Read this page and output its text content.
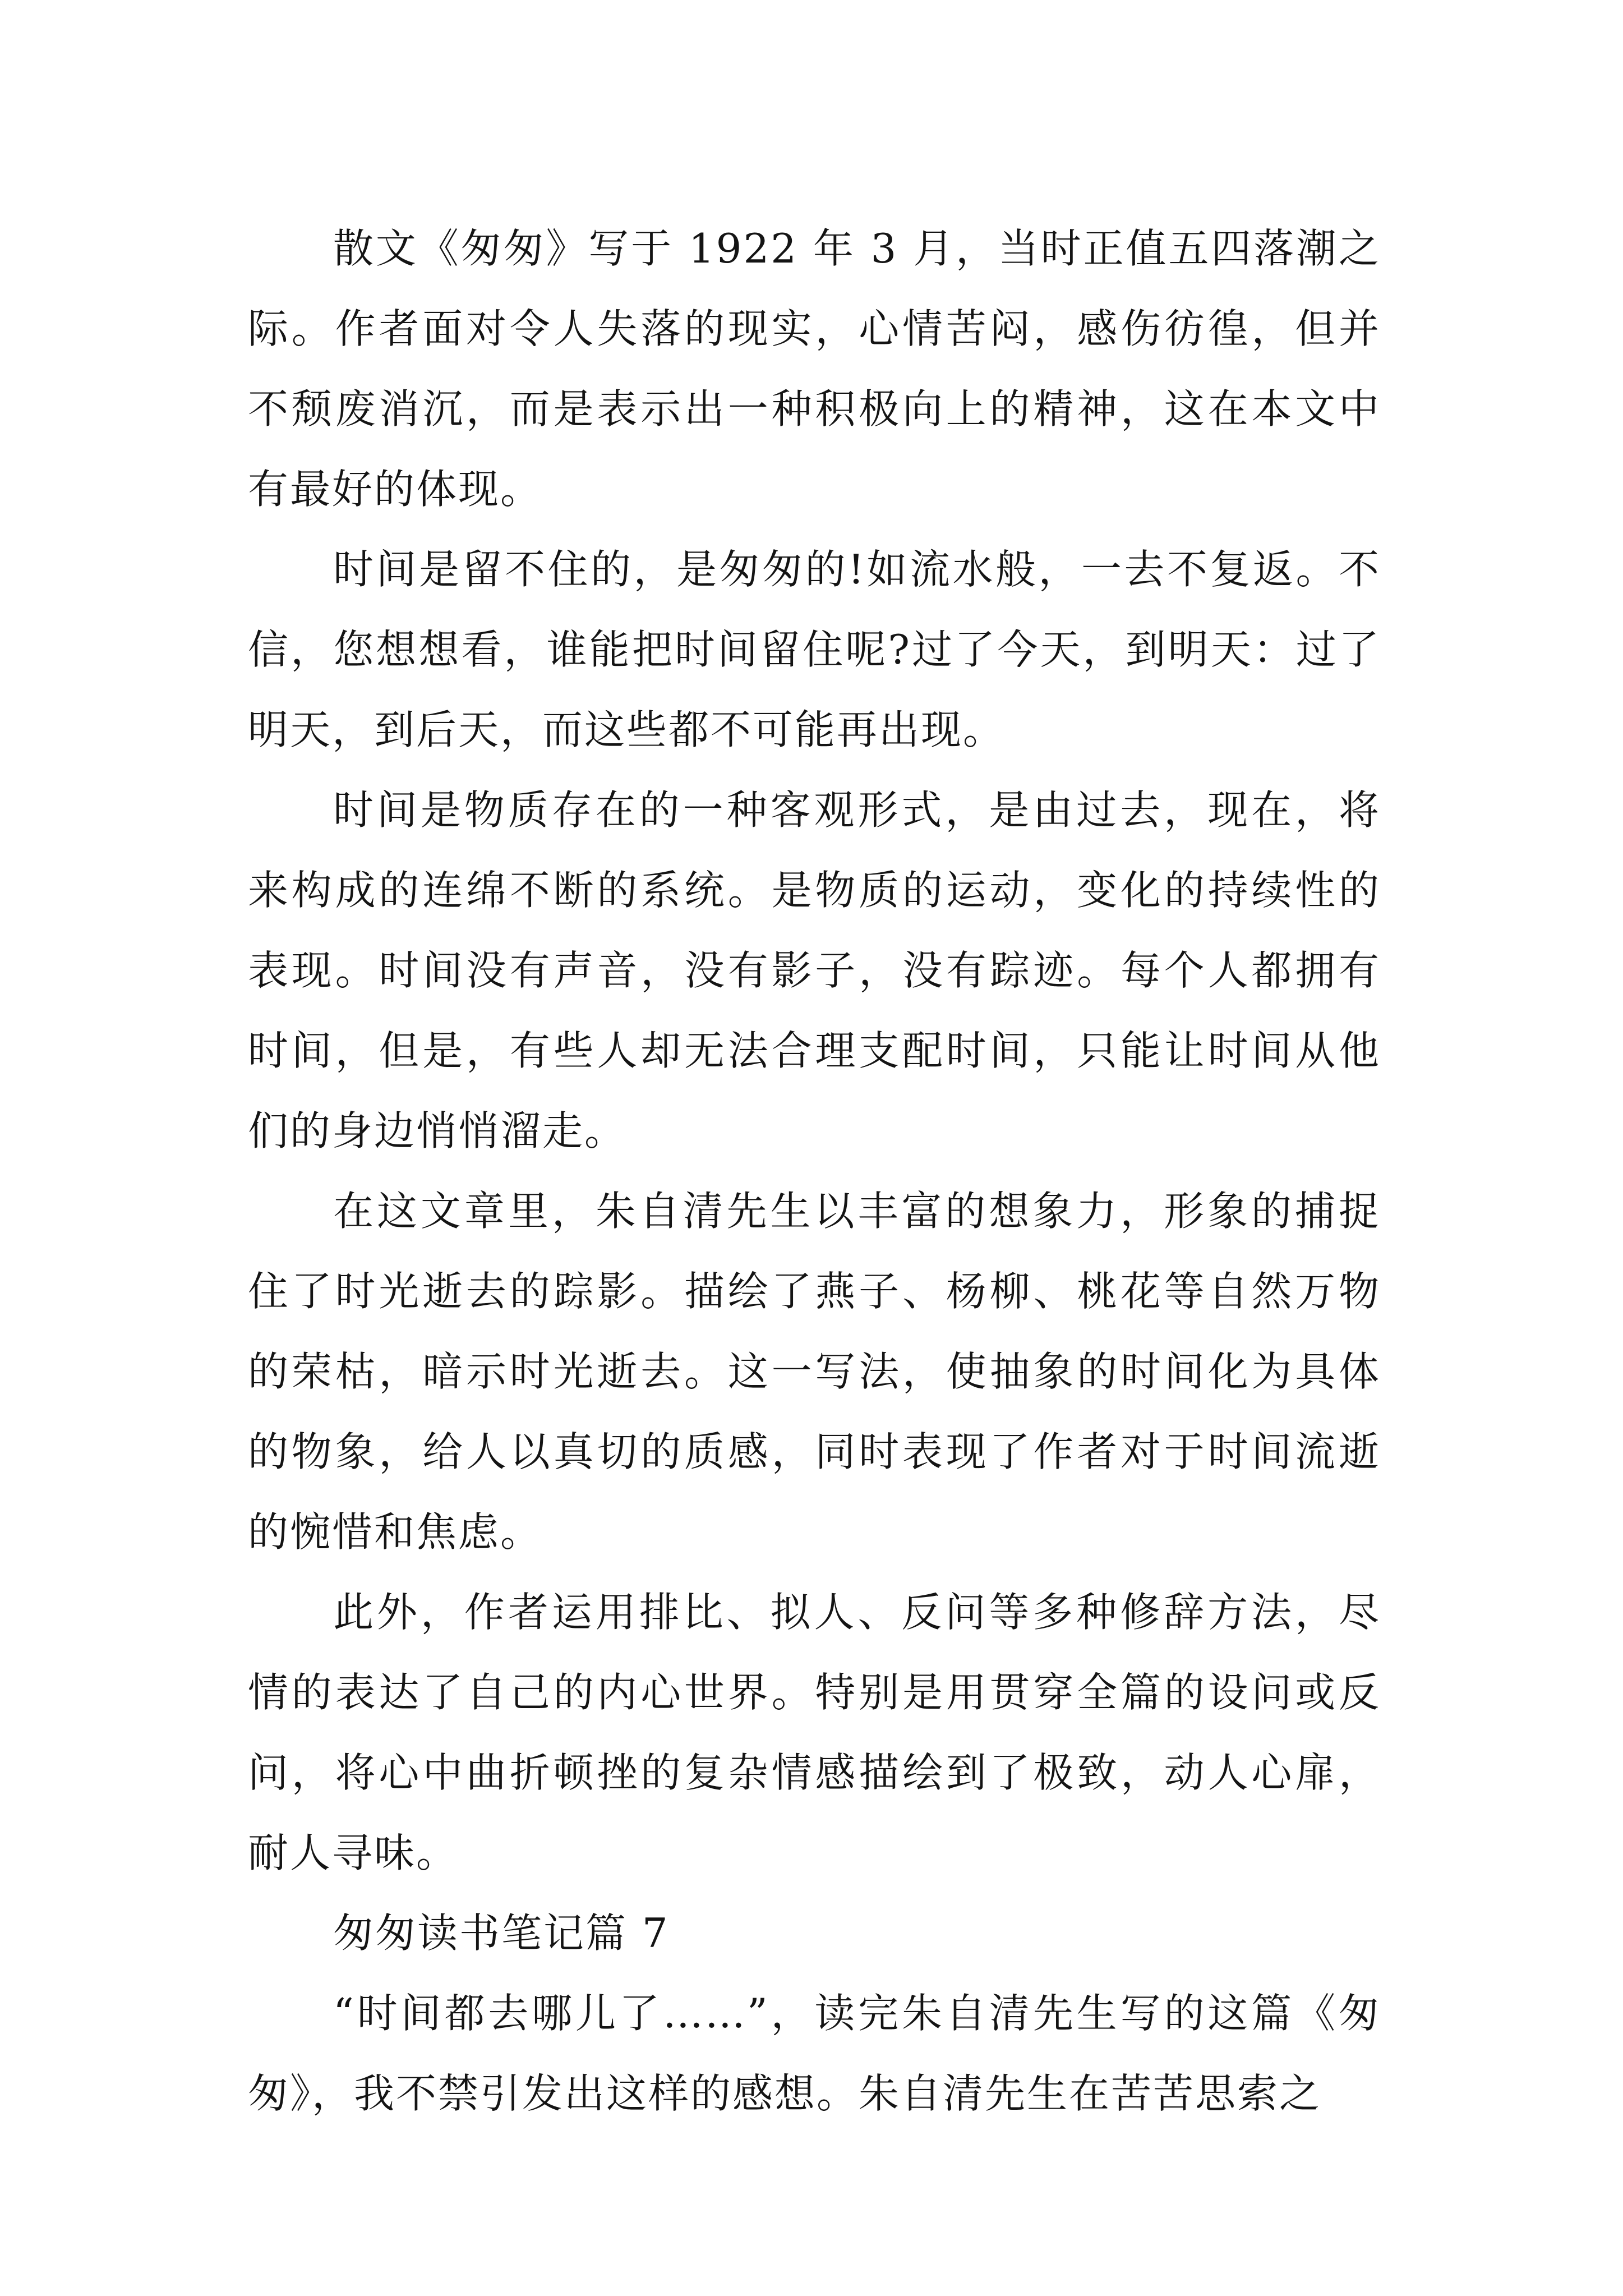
散文《匆匆》写于 1922 年 3 月，当时正值五四落潮之际。作者面对令人失落的现实，心情苦闷，感伤彷徨，但并不颓废消沉，而是表示出一种积极向上的精神，这在本文中有最好的体现。

时间是留不住的，是匆匆的!如流水般，一去不复返。不信，您想想看，谁能把时间留住呢?过了今天，到明天：过了明天，到后天，而这些都不可能再出现。

时间是物质存在的一种客观形式，是由过去，现在，将来构成的连绵不断的系统。是物质的运动，变化的持续性的表现。时间没有声音，没有影子，没有踪迹。每个人都拥有时间，但是，有些人却无法合理支配时间，只能让时间从他们的身边悄悄溜走。

在这文章里，朱自清先生以丰富的想象力，形象的捕捉住了时光逝去的踪影。描绘了燕子、杨柳、桃花等自然万物的荣枯，暗示时光逝去。这一写法，使抽象的时间化为具体的物象，给人以真切的质感，同时表现了作者对于时间流逝的惋惜和焦虑。

此外，作者运用排比、拟人、反问等多种修辞方法，尽情的表达了自己的内心世界。特别是用贯穿全篇的设问或反问，将心中曲折顿挫的复杂情感描绘到了极致，动人心扉，耐人寻味。

匆匆读书笔记篇 7

“时间都去哪儿了……”，读完朱自清先生写的这篇《匆匆》，我不禁引发出这样的感想。朱自清先生在苦苦思索之
